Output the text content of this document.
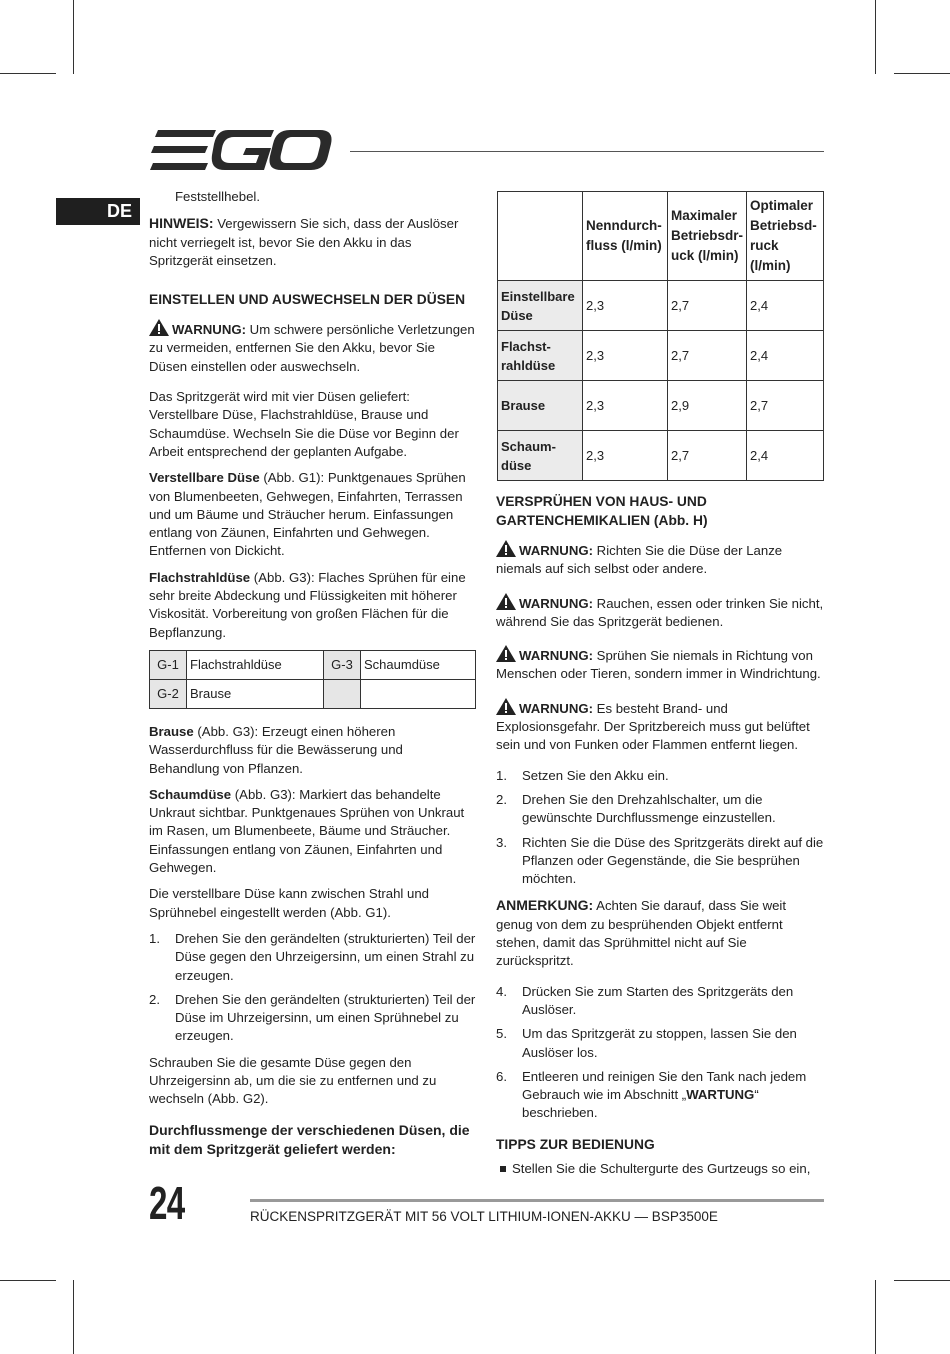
DE

Feststellhebel.

HINWEIS: Vergewissern Sie sich, dass der Auslöser nicht verriegelt ist, bevor Sie den Akku in das Spritzgerät einsetzen.

EINSTELLEN UND AUSWECHSELN DER DÜSEN

WARNUNG: Um schwere persönliche Verletzungen zu vermeiden, entfernen Sie den Akku, bevor Sie Düsen einstellen oder auswechseln.

Das Spritzgerät wird mit vier Düsen geliefert: Verstellbare Düse, Flachstrahldüse, Brause und Schaumdüse. Wechseln Sie die Düse vor Beginn der Arbeit entsprechend der geplanten Aufgabe.

Verstellbare Düse (Abb. G1): Punktgenaues Sprühen von Blumenbeeten, Gehwegen, Einfahrten, Terrassen und um Bäume und Sträucher herum. Einfassungen entlang von Zäunen, Einfahrten und Gehwegen. Entfernen von Dickicht.

Flachstrahldüse (Abb. G3): Flaches Sprühen für eine sehr breite Abdeckung und Flüssigkeiten mit höherer Viskosität. Vorbereitung von großen Flächen für die Bepflanzung.

G-1	Flachstrahldüse	G-3	Schaumdüse
G-2	Brause		

Brause (Abb. G3): Erzeugt einen höheren Wasserdurchfluss für die Bewässerung und Behandlung von Pflanzen.

Schaumdüse (Abb. G3): Markiert das behandelte Unkraut sichtbar. Punktgenaues Sprühen von Unkraut im Rasen, um Blumenbeete, Bäume und Sträucher. Einfassungen entlang von Zäunen, Einfahrten und Gehwegen.

Die verstellbare Düse kann zwischen Strahl und Sprühnebel eingestellt werden (Abb. G1).

1. Drehen Sie den gerändelten (strukturierten) Teil der Düse gegen den Uhrzeigersinn, um einen Strahl zu erzeugen.
2. Drehen Sie den gerändelten (strukturierten) Teil der Düse im Uhrzeigersinn, um einen Sprühnebel zu erzeugen.

Schrauben Sie die gesamte Düse gegen den Uhrzeigersinn ab, um die sie zu entfernen und zu wechseln (Abb. G2).

Durchflussmenge der verschiedenen Düsen, die mit dem Spritzgerät geliefert werden:
	Nenndurch-fluss (l/min)	Maximaler Betriebsdr-uck (l/min)	Optimaler Betriebsd-ruck (l/min)
Einstellbare Düse	2,3	2,7	2,4
Flachst-rahldüse	2,3	2,7	2,4
Brause	2,3	2,9	2,7
Schaum-düse	2,3	2,7	2,4
VERSPRÜHEN VON HAUS- UND GARTENCHEMIKALIEN (Abb. H)

WARNUNG: Richten Sie die Düse der Lanze niemals auf sich selbst oder andere.

WARNUNG: Rauchen, essen oder trinken Sie nicht, während Sie das Spritzgerät bedienen.

WARNUNG: Sprühen Sie niemals in Richtung von Menschen oder Tieren, sondern immer in Windrichtung.

WARNUNG: Es besteht Brand- und Explosionsgefahr. Der Spritzbereich muss gut belüftet sein und von Funken oder Flammen entfernt liegen.

1. Setzen Sie den Akku ein.
2. Drehen Sie den Drehzahlschalter, um die gewünschte Durchflussmenge einzustellen.
3. Richten Sie die Düse des Spritzgeräts direkt auf die Pflanzen oder Gegenstände, die Sie besprühen möchten.

ANMERKUNG: Achten Sie darauf, dass Sie weit genug von dem zu besprühenden Objekt entfernt stehen, damit das Sprühmittel nicht auf Sie zurückspritzt.

4. Drücken Sie zum Starten des Spritzgeräts den Auslöser.
5. Um das Spritzgerät zu stoppen, lassen Sie den Auslöser los.
6. Entleeren und reinigen Sie den Tank nach jedem Gebrauch wie im Abschnitt „WARTUNG“ beschrieben.
TIPPS ZUR BEDIENUNG
Stellen Sie die Schultergurte des Gurtzeugs so ein,
24	RÜCKENSPRITZGERÄT MIT 56 VOLT LITHIUM-IONEN-AKKU — BSP3500E
